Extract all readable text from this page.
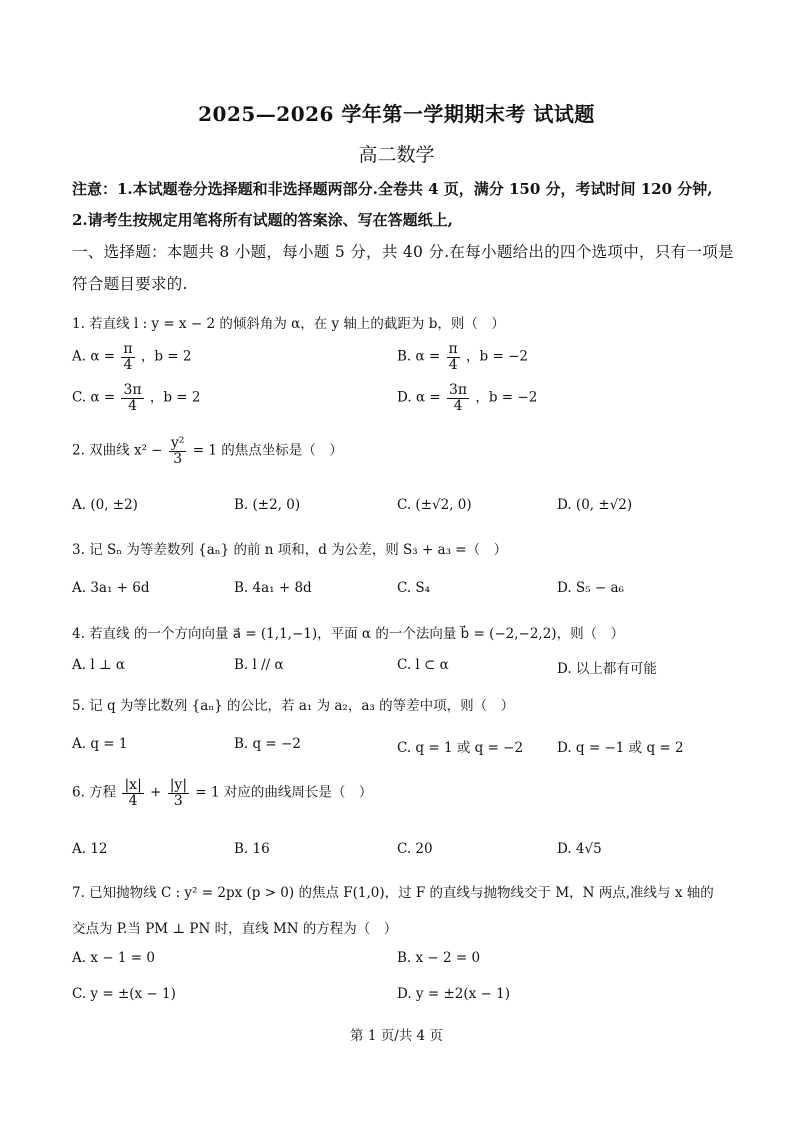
2025—2026 学年第一学期期末考 试试题
高二数学
注意：1.本试题卷分选择题和非选择题两部分.全卷共 4 页，满分 150 分，考试时间 120 分钟,
2.请考生按规定用笔将所有试题的答案涂、写在答题纸上,
一、选择题：本题共 8 小题，每小题 5 分，共 40 分.在每小题给出的四个选项中，只有一项是
符合题目要求的.
1. 若直线 l : y = x − 2 的倾斜角为 α，在 y 轴上的截距为 b，则（　）
A. $\alpha = \frac{\pi}{4}$ ，b = 2	B. $\alpha = \frac{\pi}{4}$ ，b = −2
C. $\alpha = \frac{3\pi}{4}$ ，b = 2	D. $\alpha = \frac{3\pi}{4}$ ，b = −2
2. 双曲线 $x^2 - \frac{\text{y²}}{3} = 1$ 的焦点坐标是（　）
A. (0, ±2)	B. (±2, 0)	C. (±√2, 0)	D. (0, ±√2)
3. 记 Sₙ 为等差数列 {aₙ} 的前 n 项和，d 为公差，则 S₃ + a₃ =（　）
A. 3a₁ + 6d	B. 4a₁ + 8d	C. S₄	D. S₅ − a₆
4. 若直线 的一个方向向量 a⃗ = (1,1,−1)，平面 α 的一个法向量 b⃗ = (−2,−2,2)，则（　）
A. l ⊥ α	B. l // α	C. l ⊂ α	D. 以上都有可能
5. 记 q 为等比数列 {aₙ} 的公比，若 a₁ 为 a₂，a₃ 的等差中项，则（　）
A. q = 1	B. q = −2	C. q = 1 或 q = −2	D. q = −1 或 q = 2
6. 方程 $\frac{|x|}{4} + \frac{|y|}{3} = 1$ 对应的曲线周长是（　）
A. 12	B. 16	C. 20	D. 4√5
7. 已知抛物线 C : y² = 2px (p > 0) 的焦点 F(1,0)，过 F 的直线与抛物线交于 M，N 两点,准线与 x 轴的
交点为 P.当 PM ⊥ PN 时，直线 MN 的方程为（　）
A. x − 1 = 0	B. x − 2 = 0
C. y = ±(x − 1)	D. y = ±2(x − 1)
第 1 页/共 4 页
